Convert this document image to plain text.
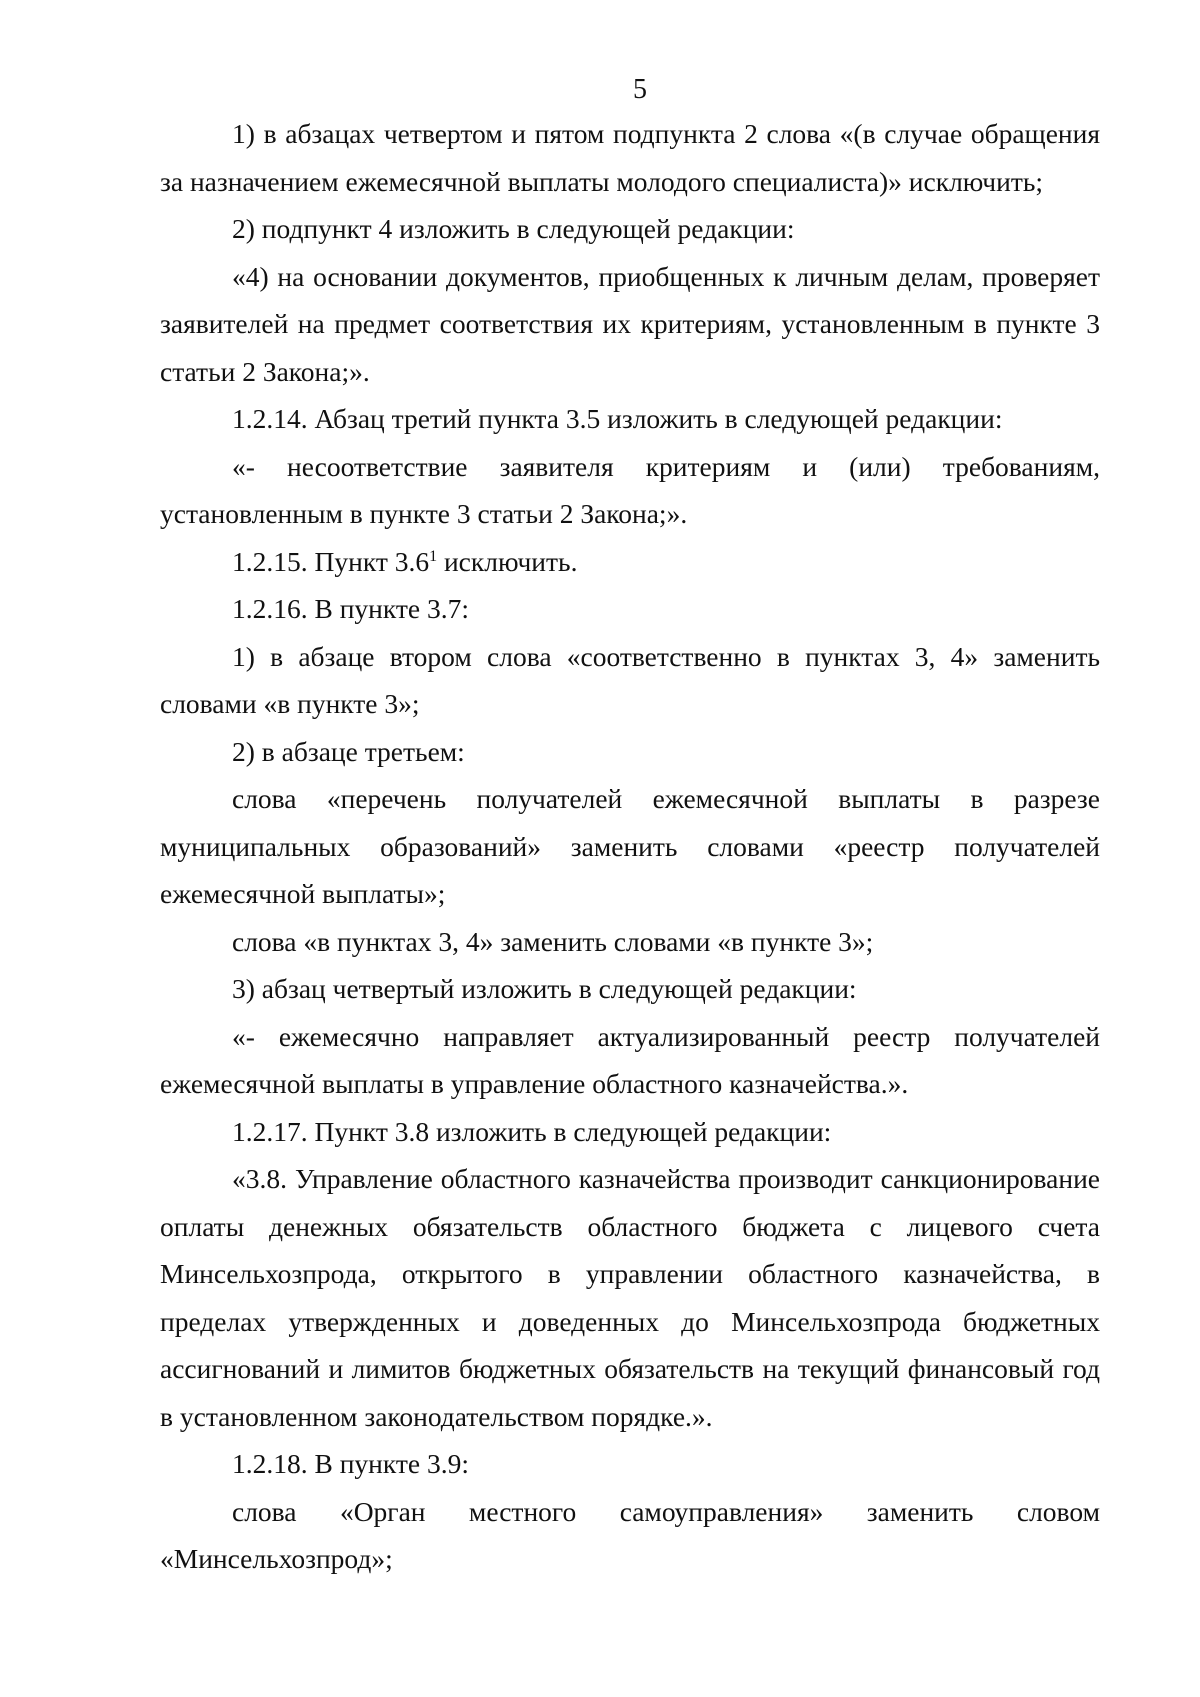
5

1) в абзацах четвертом и пятом подпункта 2 слова «(в случае обращения за назначением ежемесячной выплаты молодого специалиста)» исключить;

2) подпункт 4 изложить в следующей редакции:

«4) на основании документов, приобщенных к личным делам, проверяет заявителей на предмет соответствия их критериям, установленным в пункте 3 статьи 2 Закона;».

1.2.14. Абзац третий пункта 3.5 изложить в следующей редакции:

«- несоответствие заявителя критериям и (или) требованиям, установленным в пункте 3 статьи 2 Закона;».

1.2.15. Пункт $3.6^1$ исключить.

1.2.16. В пункте 3.7:

1) в абзаце втором слова «соответственно в пунктах 3, 4» заменить словами «в пункте 3»;

2) в абзаце третьем:

слова «перечень получателей ежемесячной выплаты в разрезе муниципальных образований» заменить словами «реестр получателей ежемесячной выплаты»;

слова «в пунктах 3, 4» заменить словами «в пункте 3»;

3) абзац четвертый изложить в следующей редакции:

«- ежемесячно направляет актуализированный реестр получателей ежемесячной выплаты в управление областного казначейства.».

1.2.17. Пункт 3.8 изложить в следующей редакции:

«3.8. Управление областного казначейства производит санкционирование оплаты денежных обязательств областного бюджета с лицевого счета Минсельхозпрода, открытого в управлении областного казначейства, в пределах утвержденных и доведенных до Минсельхозпрода бюджетных ассигнований и лимитов бюджетных обязательств на текущий финансовый год в установленном законодательством порядке.».

1.2.18. В пункте 3.9:

слова «Орган местного самоуправления» заменить словом «Минсельхозпрод»;
